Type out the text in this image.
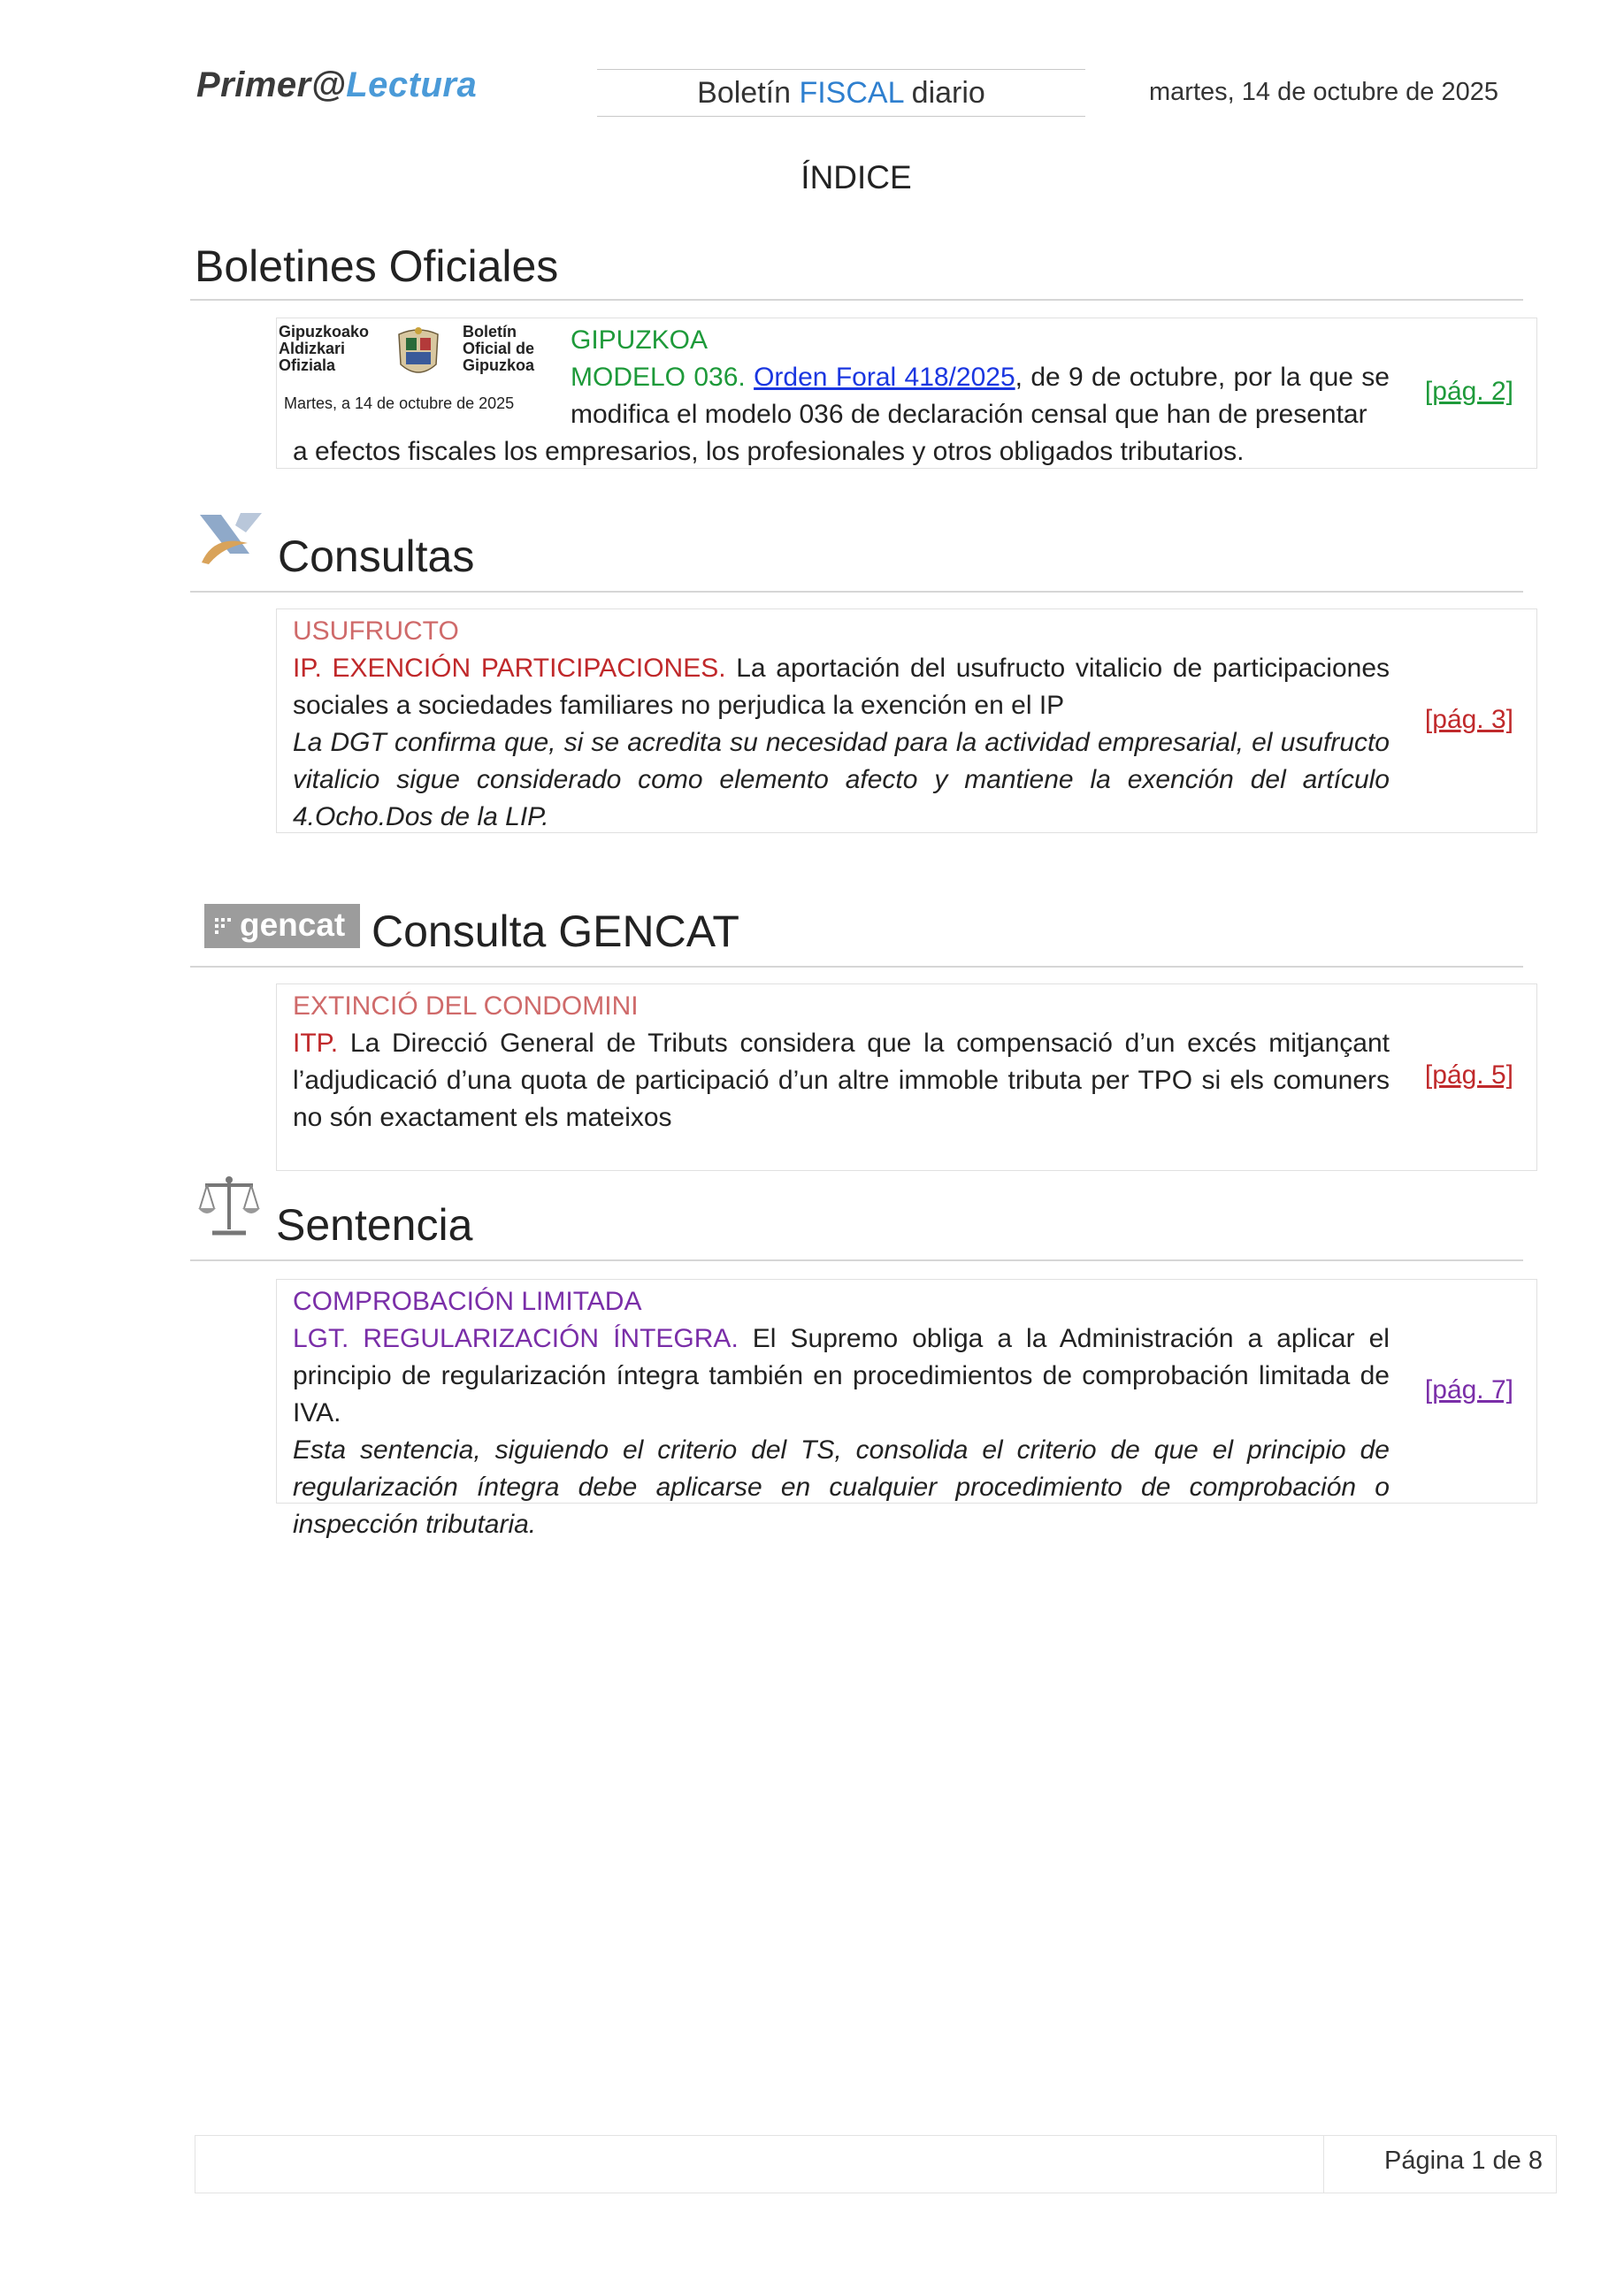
Primer@Lectura	Boletín FISCAL diario	martes, 14 de octubre de 2025
ÍNDICE
Boletines Oficiales
Gipuzkoako
Aldizkari
Ofiziala
Boletín
Oficial de
Gipuzkoa
Martes, a 14 de octubre de 2025
GIPUZKOA
MODELO 036. Orden Foral 418/2025, de 9 de octubre, por la que se
modifica el modelo 036 de declaración censal que han de presentar
a efectos fiscales los empresarios, los profesionales y otros obligados tributarios.
[pág. 2]
Consultas

USUFRUCTO

IP. EXENCIÓN PARTICIPACIONES. La aportación del usufructo vitalicio de participaciones sociales a sociedades familiares no perjudica la exención en el IP

La DGT confirma que, si se acredita su necesidad para la actividad empresarial, el usufructo vitalicio sigue considerado como elemento afecto y mantiene la exención del artículo 4.Ocho.Dos de la LIP.

[pág. 3]
gencat Consulta GENCAT

EXTINCIÓ DEL CONDOMINI

ITP. La Direcció General de Tributs considera que la compensació d’un excés mitjançant l’adjudicació d’una quota de participació d’un altre immoble tributa per TPO si els comuners no són exactament els mateixos

[pág. 5]
Sentencia

COMPROBACIÓN LIMITADA

LGT. REGULARIZACIÓN ÍNTEGRA. El Supremo obliga a la Administración a aplicar el principio de regularización íntegra también en procedimientos de comprobación limitada de IVA.

Esta sentencia, siguiendo el criterio del TS, consolida el criterio de que el principio de regularización íntegra debe aplicarse en cualquier procedimiento de comprobación o inspección tributaria.

[pág. 7]
Página 1 de 8
